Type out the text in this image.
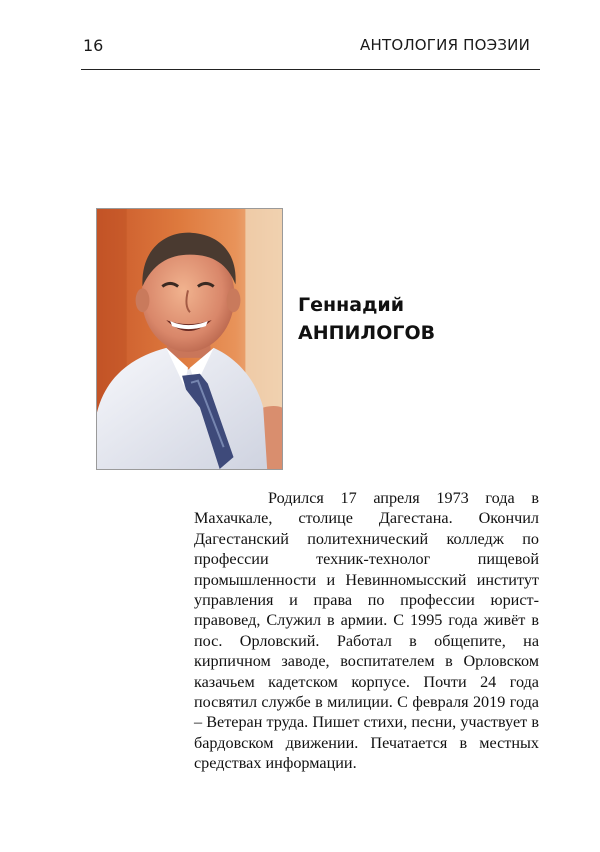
16	АНТОЛОГИЯ ПОЭЗИИ
Геннадий
АНПИЛОГОВ

Родился 17 апреля 1973 года в Махачкале, столице Дагестана. Окончил Дагестанский политехнический колледж по профессии техник-технолог пищевой промышленности и Невинномысский институт управления и права по профессии юрист-правовед, Служил в армии. С 1995 года живёт в пос. Орловский. Работал в общепите, на кирпичном заводе, воспитателем в Орловском казачьем кадетском корпусе. Почти 24 года посвятил службе в милиции. С февраля 2019 года – Ветеран труда. Пишет стихи, песни, участвует в бардовском движении. Печатается в местных средствах информации.
